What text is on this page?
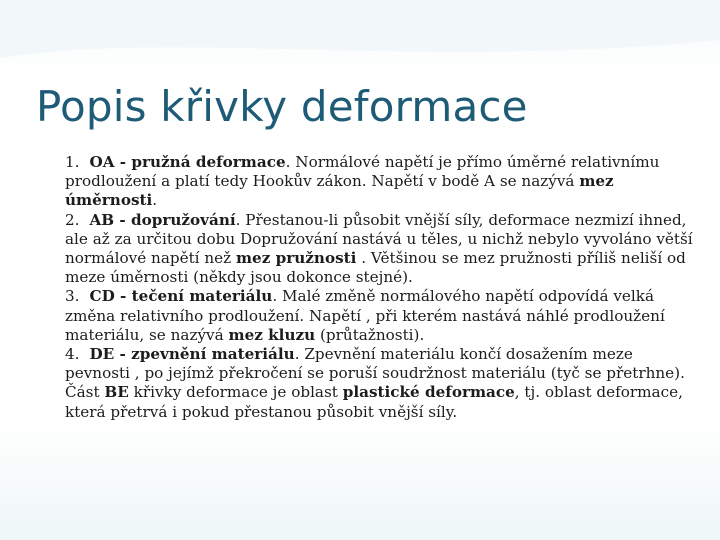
Popis křivky deformace
1. OA - pružná deformace. Normálové napětí je přímo úměrné relativnímu prodloužení a platí tedy Hookův zákon. Napětí v bodě A se nazývá mez úměrnosti.
2. AB - dopružování. Přestanou-li působit vnější síly, deformace nezmizí ihned, ale až za určitou dobu Dopružování nastává u těles, u nichž nebylo vyvoláno větší normálové napětí než mez pružnosti . Většinou se mez pružnosti příliš neliší od meze úměrnosti (někdy jsou dokonce stejné).
3. CD - tečení materiálu. Malé změně normálového napětí odpovídá velká změna relativního prodloužení. Napětí , při kterém nastává náhlé prodloužení materiálu, se nazývá mez kluzu (průtažnosti).
4. DE - zpevnění materiálu. Zpevnění materiálu končí dosažením meze pevnosti , po jejímž překročení se poruší soudržnost materiálu (tyč se přetrhne).
Část BE křivky deformace je oblast plastické deformace, tj. oblast deformace, která přetrvá i pokud přestanou působit vnější síly.
